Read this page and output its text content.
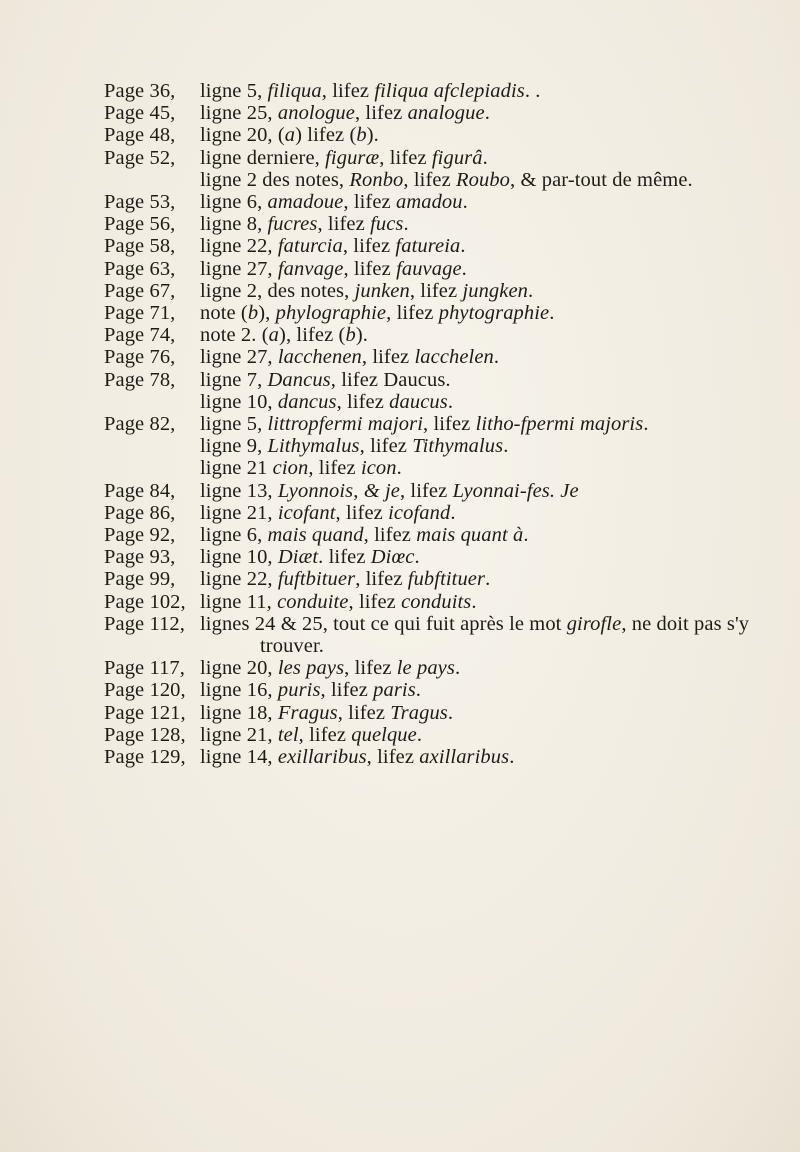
Page 36,	ligne 5, filiqua, lifez filiqua afclepiadis. .
Page 45,	ligne 25, anologue, lifez analogue.
Page 48,	ligne 20, (a) lifez (b).
Page 52,	ligne derniere, figuræ, lifez figurâ.
ligne 2 des notes, Ronbo, lifez Roubo, & par-tout de même.
Page 53,	ligne 6, amadoue, lifez amadou.
Page 56,	ligne 8, fucres, lifez fucs.
Page 58,	ligne 22, faturcia, lifez fatureia.
Page 63,	ligne 27, fanvage, lifez fauvage.
Page 67,	ligne 2, des notes, junken, lifez jungken.
Page 71,	note (b), phylographie, lifez phytographie.
Page 74,	note 2. (a), lifez (b).
Page 76,	ligne 27, lacchenen, lifez lacchelen.
Page 78,	ligne 7, Dancus, lifez Daucus.
ligne 10, dancus, lifez daucus.
Page 82,	ligne 5, littropfermi majori, lifez litho-fpermi majoris.
ligne 9, Lithymalus, lifez Tithymalus.
ligne 21 cion, lifez icon.
Page 84,	ligne 13, Lyonnois, & je, lifez Lyonnai-fes. Je
Page 86,	ligne 21, icofant, lifez icofand.
Page 92,	ligne 6, mais quand, lifez mais quant à.
Page 93,	ligne 10, Diæt. lifez Diœc.
Page 99,	ligne 22, fuftbituer, lifez fubftituer.
Page 102, ligne 11, conduite, lifez conduits.
Page 112, lignes 24 & 25, tout ce qui fuit après le mot girofle, ne doit pas s'y trouver.
Page 117, ligne 20, les pays, lifez le pays.
Page 120, ligne 16, puris, lifez paris.
Page 121, ligne 18, Fragus, lifez Tragus.
Page 128, ligne 21, tel, lifez quelque.
Page 129, ligne 14, exillaribus, lifez axillaribus.
